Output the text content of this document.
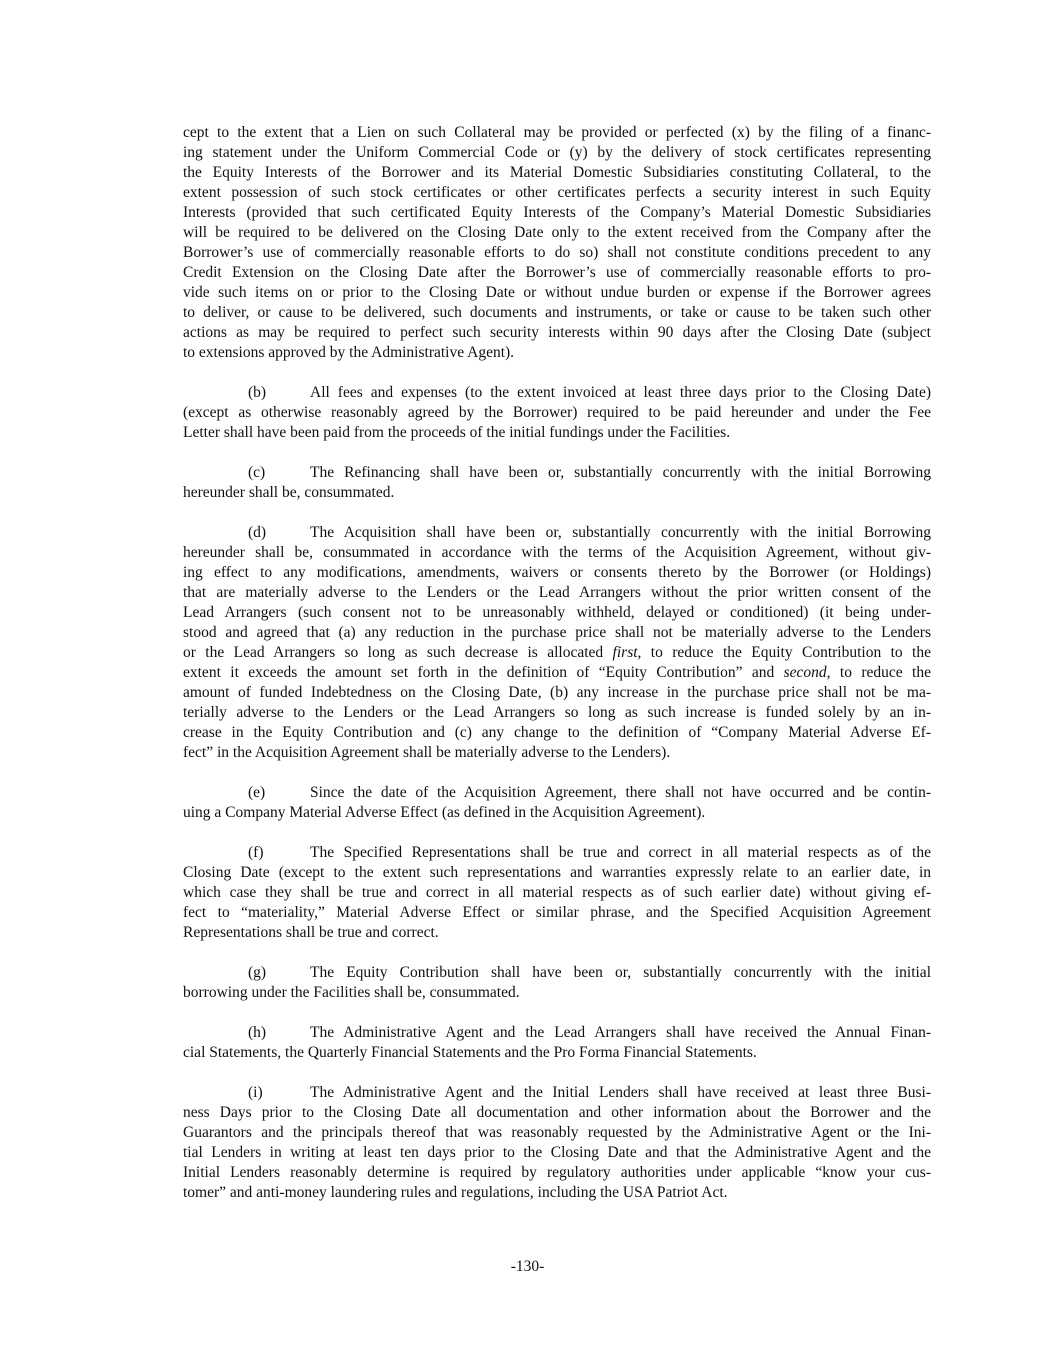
cept to the extent that a Lien on such Collateral may be provided or perfected (x) by the filing of a financ-
ing statement under the Uniform Commercial Code or (y) by the delivery of stock certificates representing
the Equity Interests of the Borrower and its Material Domestic Subsidiaries constituting Collateral, to the
extent possession of such stock certificates or other certificates perfects a security interest in such Equity
Interests (provided that such certificated Equity Interests of the Company’s Material Domestic Subsidiaries
will be required to be delivered on the Closing Date only to the extent received from the Company after the
Borrower’s use of commercially reasonable efforts to do so) shall not constitute conditions precedent to any
Credit Extension on the Closing Date after the Borrower’s use of commercially reasonable efforts to pro-
vide such items on or prior to the Closing Date or without undue burden or expense if the Borrower agrees
to deliver, or cause to be delivered, such documents and instruments, or take or cause to be taken such other
actions as may be required to perfect such security interests within 90 days after the Closing Date (subject
to extensions approved by the Administrative Agent).
(b)	All fees and expenses (to the extent invoiced at least three days prior to the Closing Date)
(except as otherwise reasonably agreed by the Borrower) required to be paid hereunder and under the Fee
Letter shall have been paid from the proceeds of the initial fundings under the Facilities.
(c)	The Refinancing shall have been or, substantially concurrently with the initial Borrowing
hereunder shall be, consummated.
(d)	The Acquisition shall have been or, substantially concurrently with the initial Borrowing
hereunder shall be, consummated in accordance with the terms of the Acquisition Agreement, without giv-
ing effect to any modifications, amendments, waivers or consents thereto by the Borrower (or Holdings)
that are materially adverse to the Lenders or the Lead Arrangers without the prior written consent of the
Lead Arrangers (such consent not to be unreasonably withheld, delayed or conditioned) (it being under-
stood and agreed that (a) any reduction in the purchase price shall not be materially adverse to the Lenders
or the Lead Arrangers so long as such decrease is allocated first, to reduce the Equity Contribution to the
extent it exceeds the amount set forth in the definition of “Equity Contribution” and second, to reduce the
amount of funded Indebtedness on the Closing Date, (b) any increase in the purchase price shall not be ma-
terially adverse to the Lenders or the Lead Arrangers so long as such increase is funded solely by an in-
crease in the Equity Contribution and (c) any change to the definition of “Company Material Adverse Ef-
fect” in the Acquisition Agreement shall be materially adverse to the Lenders).
(e)	Since the date of the Acquisition Agreement, there shall not have occurred and be contin-
uing a Company Material Adverse Effect (as defined in the Acquisition Agreement).
(f)	The Specified Representations shall be true and correct in all material respects as of the
Closing Date (except to the extent such representations and warranties expressly relate to an earlier date, in
which case they shall be true and correct in all material respects as of such earlier date) without giving ef-
fect to “materiality,” Material Adverse Effect or similar phrase, and the Specified Acquisition Agreement
Representations shall be true and correct.
(g)	The Equity Contribution shall have been or, substantially concurrently with the initial
borrowing under the Facilities shall be, consummated.
(h)	The Administrative Agent and the Lead Arrangers shall have received the Annual Finan-
cial Statements, the Quarterly Financial Statements and the Pro Forma Financial Statements.
(i)	The Administrative Agent and the Initial Lenders shall have received at least three Busi-
ness Days prior to the Closing Date all documentation and other information about the Borrower and the
Guarantors and the principals thereof that was reasonably requested by the Administrative Agent or the Ini-
tial Lenders in writing at least ten days prior to the Closing Date and that the Administrative Agent and the
Initial Lenders reasonably determine is required by regulatory authorities under applicable “know your cus-
tomer” and anti-money laundering rules and regulations, including the USA Patriot Act.
-130-
